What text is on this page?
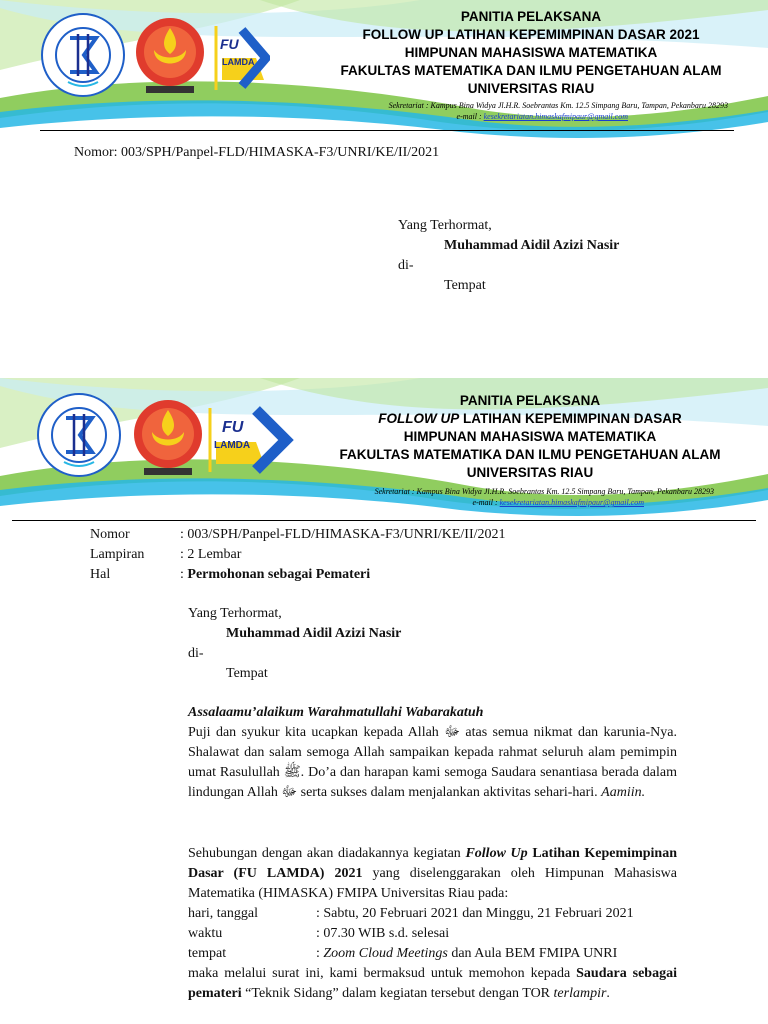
FU
LAMDA
PANITIA PELAKSANA
FOLLOW UP LATIHAN KEPEMIMPINAN DASAR 2021
HIMPUNAN MAHASISWA MATEMATIKA
FAKULTAS MATEMATIKA DAN ILMU PENGETAHUAN ALAM
UNIVERSITAS RIAU
Sekretariat : Kampus Bina Widya Jl.H.R. Soebrantas Km. 12.5 Simpang Baru, Tampan, Pekanbaru 28293
e-mail : kesekretariatan.himaskafmipaur@gmail.com
Nomor: 003/SPH/Panpel-FLD/HIMASKA-F3/UNRI/KE/II/2021
Yang Terhormat,
Muhammad Aidil Azizi Nasir
di-
Tempat
FU
LAMDA
PANITIA PELAKSANA
FOLLOW UP LATIHAN KEPEMIMPINAN DASAR
HIMPUNAN MAHASISWA MATEMATIKA
FAKULTAS MATEMATIKA DAN ILMU PENGETAHUAN ALAM
UNIVERSITAS RIAU
Sekretariat : Kampus Bina Widya Jl.H.R. Soebrantas Km. 12.5 Simpang Baru, Tampan, Pekanbaru 28293
e-mail : kesekretariatan.himaskafmipaur@gmail.com
Nomor	: 003/SPH/Panpel-FLD/HIMASKA-F3/UNRI/KE/II/2021
Lampiran	: 2 Lembar
Hal	: Permohonan sebagai Pemateri
Yang Terhormat,
Muhammad Aidil Azizi Nasir
di-
Tempat
Assalaamu’alaikum Warahmatullahi Wabarakatuh
Puji dan syukur kita ucapkan kepada Allah ﷻ atas semua nikmat dan karunia-Nya. Shalawat dan salam semoga Allah sampaikan kepada rahmat seluruh alam pemimpin umat Rasulullah ﷺ. Do’a dan harapan kami semoga Saudara senantiasa berada dalam lindungan Allah ﷻ serta sukses dalam menjalankan aktivitas sehari-hari. Aamiin.
Sehubungan dengan akan diadakannya kegiatan Follow Up Latihan Kepemimpinan Dasar (FU LAMDA) 2021 yang diselenggarakan oleh Himpunan Mahasiswa Matematika (HIMASKA) FMIPA Universitas Riau pada:
hari, tanggal	: Sabtu, 20 Februari 2021 dan Minggu, 21 Februari 2021
waktu	: 07.30 WIB s.d. selesai
tempat	: Zoom Cloud Meetings dan Aula BEM FMIPA UNRI
maka melalui surat ini, kami bermaksud untuk memohon kepada Saudara sebagai pemateri “Teknik Sidang” dalam kegiatan tersebut dengan TOR terlampir.
